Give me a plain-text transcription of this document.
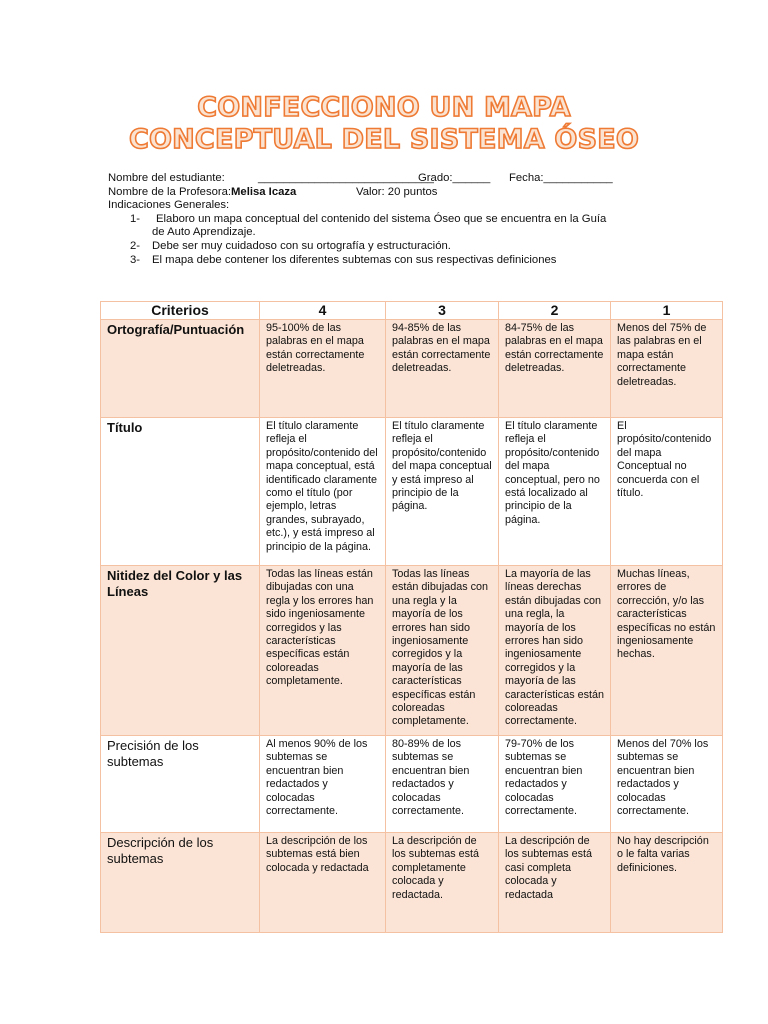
CONFECCIONO UN MAPA
CONCEPTUAL DEL SISTEMA ÓSEO
Nombre del estudiante:	____________________________
Grado:______ Fecha:___________
Nombre de la Profesora: Melisa Icaza	Valor: 20 puntos
Indicaciones Generales:
1- Elaboro un mapa conceptual del contenido del sistema Óseo que se encuentra en la Guía
de Auto Aprendizaje.
2- Debe ser muy cuidadoso con su ortografía y estructuración.
3- El mapa debe contener los diferentes subtemas con sus respectivas definiciones
Criterios	4	3	2	1
Ortografía/Puntuación	95-100% de las palabras en el mapa están correctamente deletreadas.	94-85% de las palabras en el mapa están correctamente deletreadas.	84-75% de las palabras en el mapa están correctamente deletreadas.	Menos del 75% de las palabras en el mapa están correctamente deletreadas.
Título	El título claramente refleja el propósito/contenido del mapa conceptual, está identificado claramente como el título (por ejemplo, letras grandes, subrayado, etc.), y está impreso al principio de la página.	El título claramente refleja el propósito/contenido del mapa conceptual y está impreso al principio de la página.	El título claramente refleja el propósito/contenido del mapa conceptual, pero no está localizado al principio de la página.	El propósito/contenido del mapa Conceptual no concuerda con el título.
Nitidez del Color y las Líneas	Todas las líneas están dibujadas con una regla y los errores han sido ingeniosamente corregidos y las características específicas están coloreadas completamente.	Todas las líneas están dibujadas con una regla y la mayoría de los errores han sido ingeniosamente corregidos y la mayoría de las características específicas están coloreadas completamente.	La mayoría de las líneas derechas están dibujadas con una regla, la mayoría de los errores han sido ingeniosamente corregidos y la mayoría de las características están coloreadas correctamente.	Muchas líneas, errores de corrección, y/o las características específicas no están ingeniosamente hechas.
Precisión de los subtemas	Al menos 90% de los subtemas se encuentran bien redactados y colocadas correctamente.	80-89% de los subtemas se encuentran bien redactados y colocadas correctamente.	79-70% de los subtemas se encuentran bien redactados y colocadas correctamente.	Menos del 70% los subtemas se encuentran bien redactados y colocadas correctamente.
Descripción de los subtemas	La descripción de los subtemas está bien colocada y redactada	La descripción de los subtemas está completamente colocada y redactada.	La descripción de los subtemas está casi completa colocada y redactada	No hay descripción o le falta varias definiciones.
